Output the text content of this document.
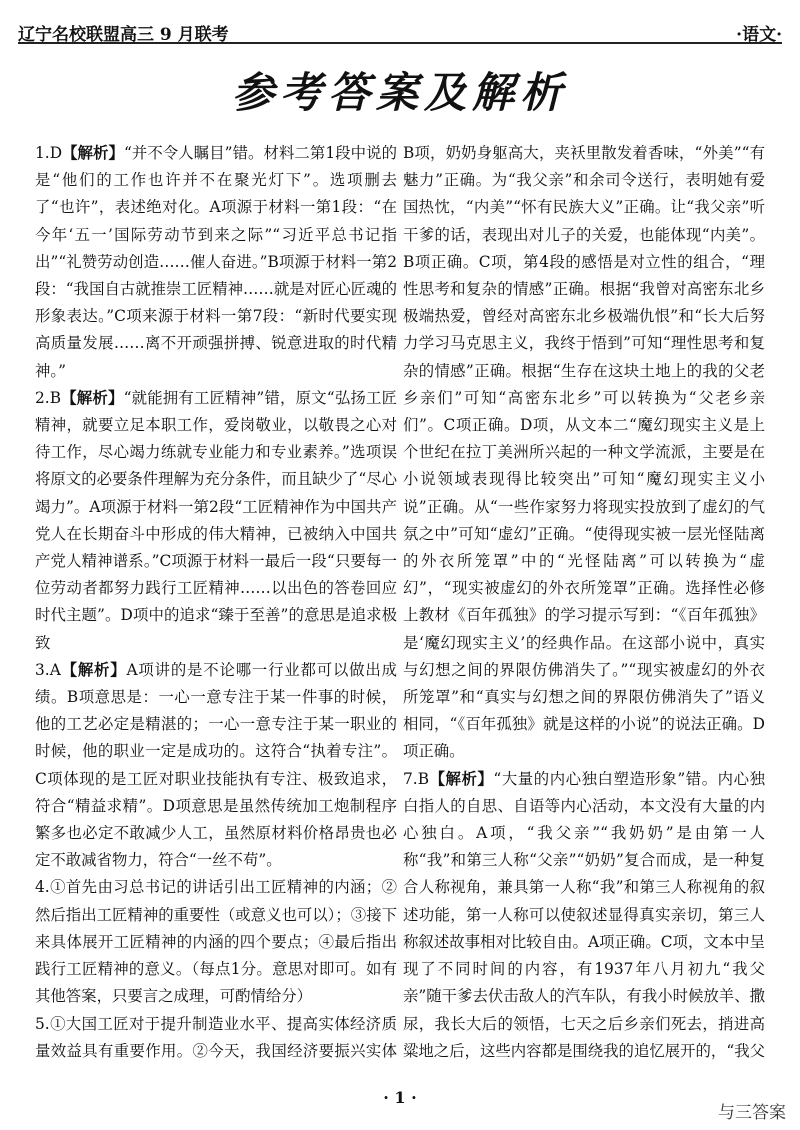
辽宁名校联盟高三 9 月联考	·语文·
参考答案及解析

1.D【解析】“并不令人瞩目”错。材料二第1段中说的是“他们的工作也许并不在聚光灯下”。选项删去了“也许”，表述绝对化。A项源于材料一第1段：“在今年‘五一’国际劳动节到来之际”“习近平总书记指出”“礼赞劳动创造……催人奋进。”B项源于材料一第2段：“我国自古就推崇工匠精神……就是对匠心匠魂的形象表达。”C项来源于材料一第7段：“新时代要实现高质量发展……离不开顽强拼搏、锐意进取的时代精神。”

2.B【解析】“就能拥有工匠精神”错，原文“弘扬工匠精神，就要立足本职工作，爱岗敬业，以敬畏之心对待工作，尽心竭力练就专业能力和专业素养。”选项误将原文的必要条件理解为充分条件，而且缺少了“尽心竭力”。A项源于材料一第2段“工匠精神作为中国共产党人在长期奋斗中形成的伟大精神，已被纳入中国共产党人精神谱系。”C项源于材料一最后一段“只要每一位劳动者都努力践行工匠精神……以出色的答卷回应时代主题”。D项中的追求“臻于至善”的意思是追求极致

3.A【解析】A项讲的是不论哪一行业都可以做出成绩。B项意思是：一心一意专注于某一件事的时候，他的工艺必定是精湛的；一心一意专注于某一职业的时候，他的职业一定是成功的。这符合“执着专注”。C项体现的是工匠对职业技能执有专注、极致追求，符合“精益求精”。D项意思是虽然传统加工炮制程序繁多也必定不敢减少人工，虽然原材料价格昂贵也必定不敢减省物力，符合“一丝不苟”。

4.①首先由习总书记的讲话引出工匠精神的内涵；②然后指出工匠精神的重要性（或意义也可以）；③接下来具体展开工匠精神的内涵的四个要点；④最后指出践行工匠精神的意义。（每点1分。意思对即可。如有其他答案，只要言之成理，可酌情给分）

5.①大国工匠对于提升制造业水平、提高实体经济质量效益具有重要作用。②今天，我国经济要振兴实体

B项，奶奶身躯高大，夹袄里散发着香味，“外美”“有魅力”正确。为“我父亲”和余司令送行，表明她有爱国热忱，“内美”“怀有民族大义”正确。让“我父亲”听干爹的话，表现出对儿子的关爱，也能体现“内美”。B项正确。C项，第4段的感悟是对立性的组合，“理性思考和复杂的情感”正确。根据“我曾对高密东北乡极端热爱，曾经对高密东北乡极端仇恨”和“长大后努力学习马克思主义，我终于悟到”可知“理性思考和复杂的情感”正确。根据“生存在这块土地上的我的父老乡亲们”可知“高密东北乡”可以转换为“父老乡亲们”。C项正确。D项，从文本二“魔幻现实主义是上个世纪在拉丁美洲所兴起的一种文学流派，主要是在小说领域表现得比较突出”可知“魔幻现实主义小说”正确。从“一些作家努力将现实投放到了虚幻的气氛之中”可知“虚幻”正确。“使得现实被一层光怪陆离的外衣所笼罩”中的“光怪陆离”可以转换为“虚幻”，“现实被虚幻的外衣所笼罩”正确。选择性必修上教材《百年孤独》的学习提示写到：“《百年孤独》是‘魔幻现实主义’的经典作品。在这部小说中，真实与幻想之间的界限仿佛消失了。”“现实被虚幻的外衣所笼罩”和“真实与幻想之间的界限仿佛消失了”语义相同，“《百年孤独》就是这样的小说”的说法正确。D项正确。

7.B【解析】“大量的内心独白塑造形象”错。内心独白指人的自思、自语等内心活动，本文没有大量的内心独白。A项，“我父亲”“我奶奶”是由第一人称“我”和第三人称“父亲”“奶奶”复合而成，是一种复合人称视角，兼具第一人称“我”和第三人称视角的叙述功能，第一人称可以使叙述显得真实亲切，第三人称叙述故事相对比较自由。A项正确。C项，文本中呈现了不同时间的内容，有1937年八月初九“我父亲”随干爹去伏击敌人的汽车队，有我小时候放羊、撒尿，我长大后的领悟，七天之后乡亲们死去，捎进高粱地之后，这些内容都是围绕我的追忆展开的，“我父

· 1 ·
与三答案
